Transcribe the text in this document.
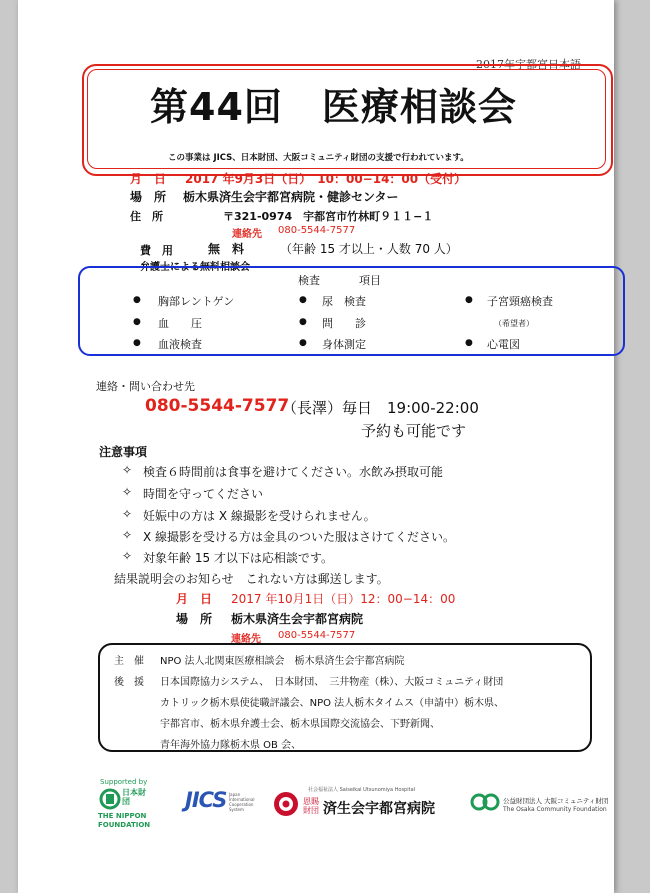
2017年宇都宮日本語
第44回　医療相談会
この事業は JICS、日本財団、大阪コミュニティ財団の支援で行われています。
月　日 2017 年9月3日（日）　10：00−14：00（受付）
場　所 栃木県済生会宇都宮病院・健診センター
住　所	〒321-0974　宇都宮市竹林町９１１−１
連絡先 080-5544-7577
費　用	無　料	（年齢 15 才以上・人数 70 人）
弁護士による無料相談会
検査	項目
● 胸部レントゲン	● 尿　検査	● 子宮頸癌検査
● 血　　圧	● 問　　診	（希望者）
● 血液検査	● 身体測定	● 心電図
連絡・問い合わせ先
080-5544-7577
（長澤）毎日　19:00-22:00
予約も可能です
注意事項
✧ 検査６時間前は食事を避けてください。水飲み摂取可能
✧ 時間を守ってください
✧ 妊娠中の方は X 線撮影を受けられません。
✧ X 線撮影を受ける方は金具のついた服はさけてください。
✧ 対象年齢 15 才以下は応相談です。
結果説明会のお知らせ　これない方は郵送します。
月　日 2017 年10月1日（日）12：00−14：00
場　所 栃木県済生会宇都宮病院
連絡先 080-5544-7577
主　催 NPO 法人北関東医療相談会　栃木県済生会宇都宮病院
後　援 日本国際協力システム、　日本財団、　三井物産（株）、大阪コミュニティ財団
カトリック栃木県使徒職評議会、NPO 法人栃木タイムス（申請中）栃木県、
宇都宮市、栃木県弁護士会、栃木県国際交流協会、下野新聞、
青年海外協力隊栃木県 OB 会、
Supported by
日本財団
THE NIPPON
FOUNDATION
JICS Japan International Cooperation System
社会福祉法人 Saiseikai Utsunomiya Hospital
恩賜財団 済生会宇都宮病院	公益財団法人 大阪コミュニティ財団
The Osaka Community Foundation
